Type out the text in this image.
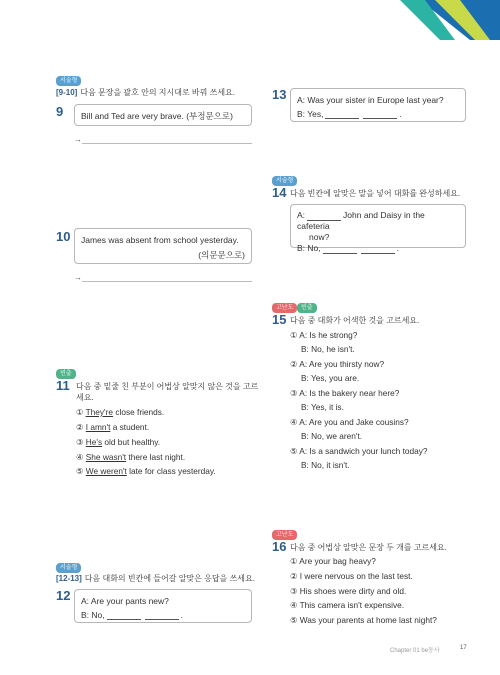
서술형
[9-10] 다음 문장을 괄호 안의 지시대로 바꿔 쓰세요.
9	Bill and Ted are very brave. (부정문으로)
→
10 James was absent from school yesterday.
(의문문으로)
→
빈출
11 다음 중 밑줄 친 부분이 어법상 알맞지 않은 것을 고르
세요.
① They're close friends.
② I amn't a student.
③ He's old but healthy.
④ She wasn't there last night.
⑤ We weren't late for class yesterday.
서술형
[12-13] 다음 대화의 빈칸에 들어갈 알맞은 응답을 쓰세요.
12 A: Are your pants new?
B: No,	.
13 A: Was your sister in Europe last year?
B: Yes,	.
서술형
14 다음 빈칸에 알맞은 말을 넣어 대화를 완성하세요.
A:	John and Daisy in the cafeteria
now?
B: No,	.
고난도	빈출
15 다음 중 대화가 어색한 것을 고르세요.
① A: Is he strong?
B: No, he isn't.
② A: Are you thirsty now?
B: Yes, you are.
③ A: Is the bakery near here?
B: Yes, it is.
④ A: Are you and Jake cousins?
B: No, we aren't.
⑤ A: Is a sandwich your lunch today?
B: No, it isn't.
고난도
16 다음 중 어법상 알맞은 문장 두 개를 고르세요.
① Are your bag heavy?
② I were nervous on the last test.
③ His shoes were dirty and old.
④ This camera isn't expensive.
⑤ Was your parents at home last night?
Chapter 01 be동사	17
